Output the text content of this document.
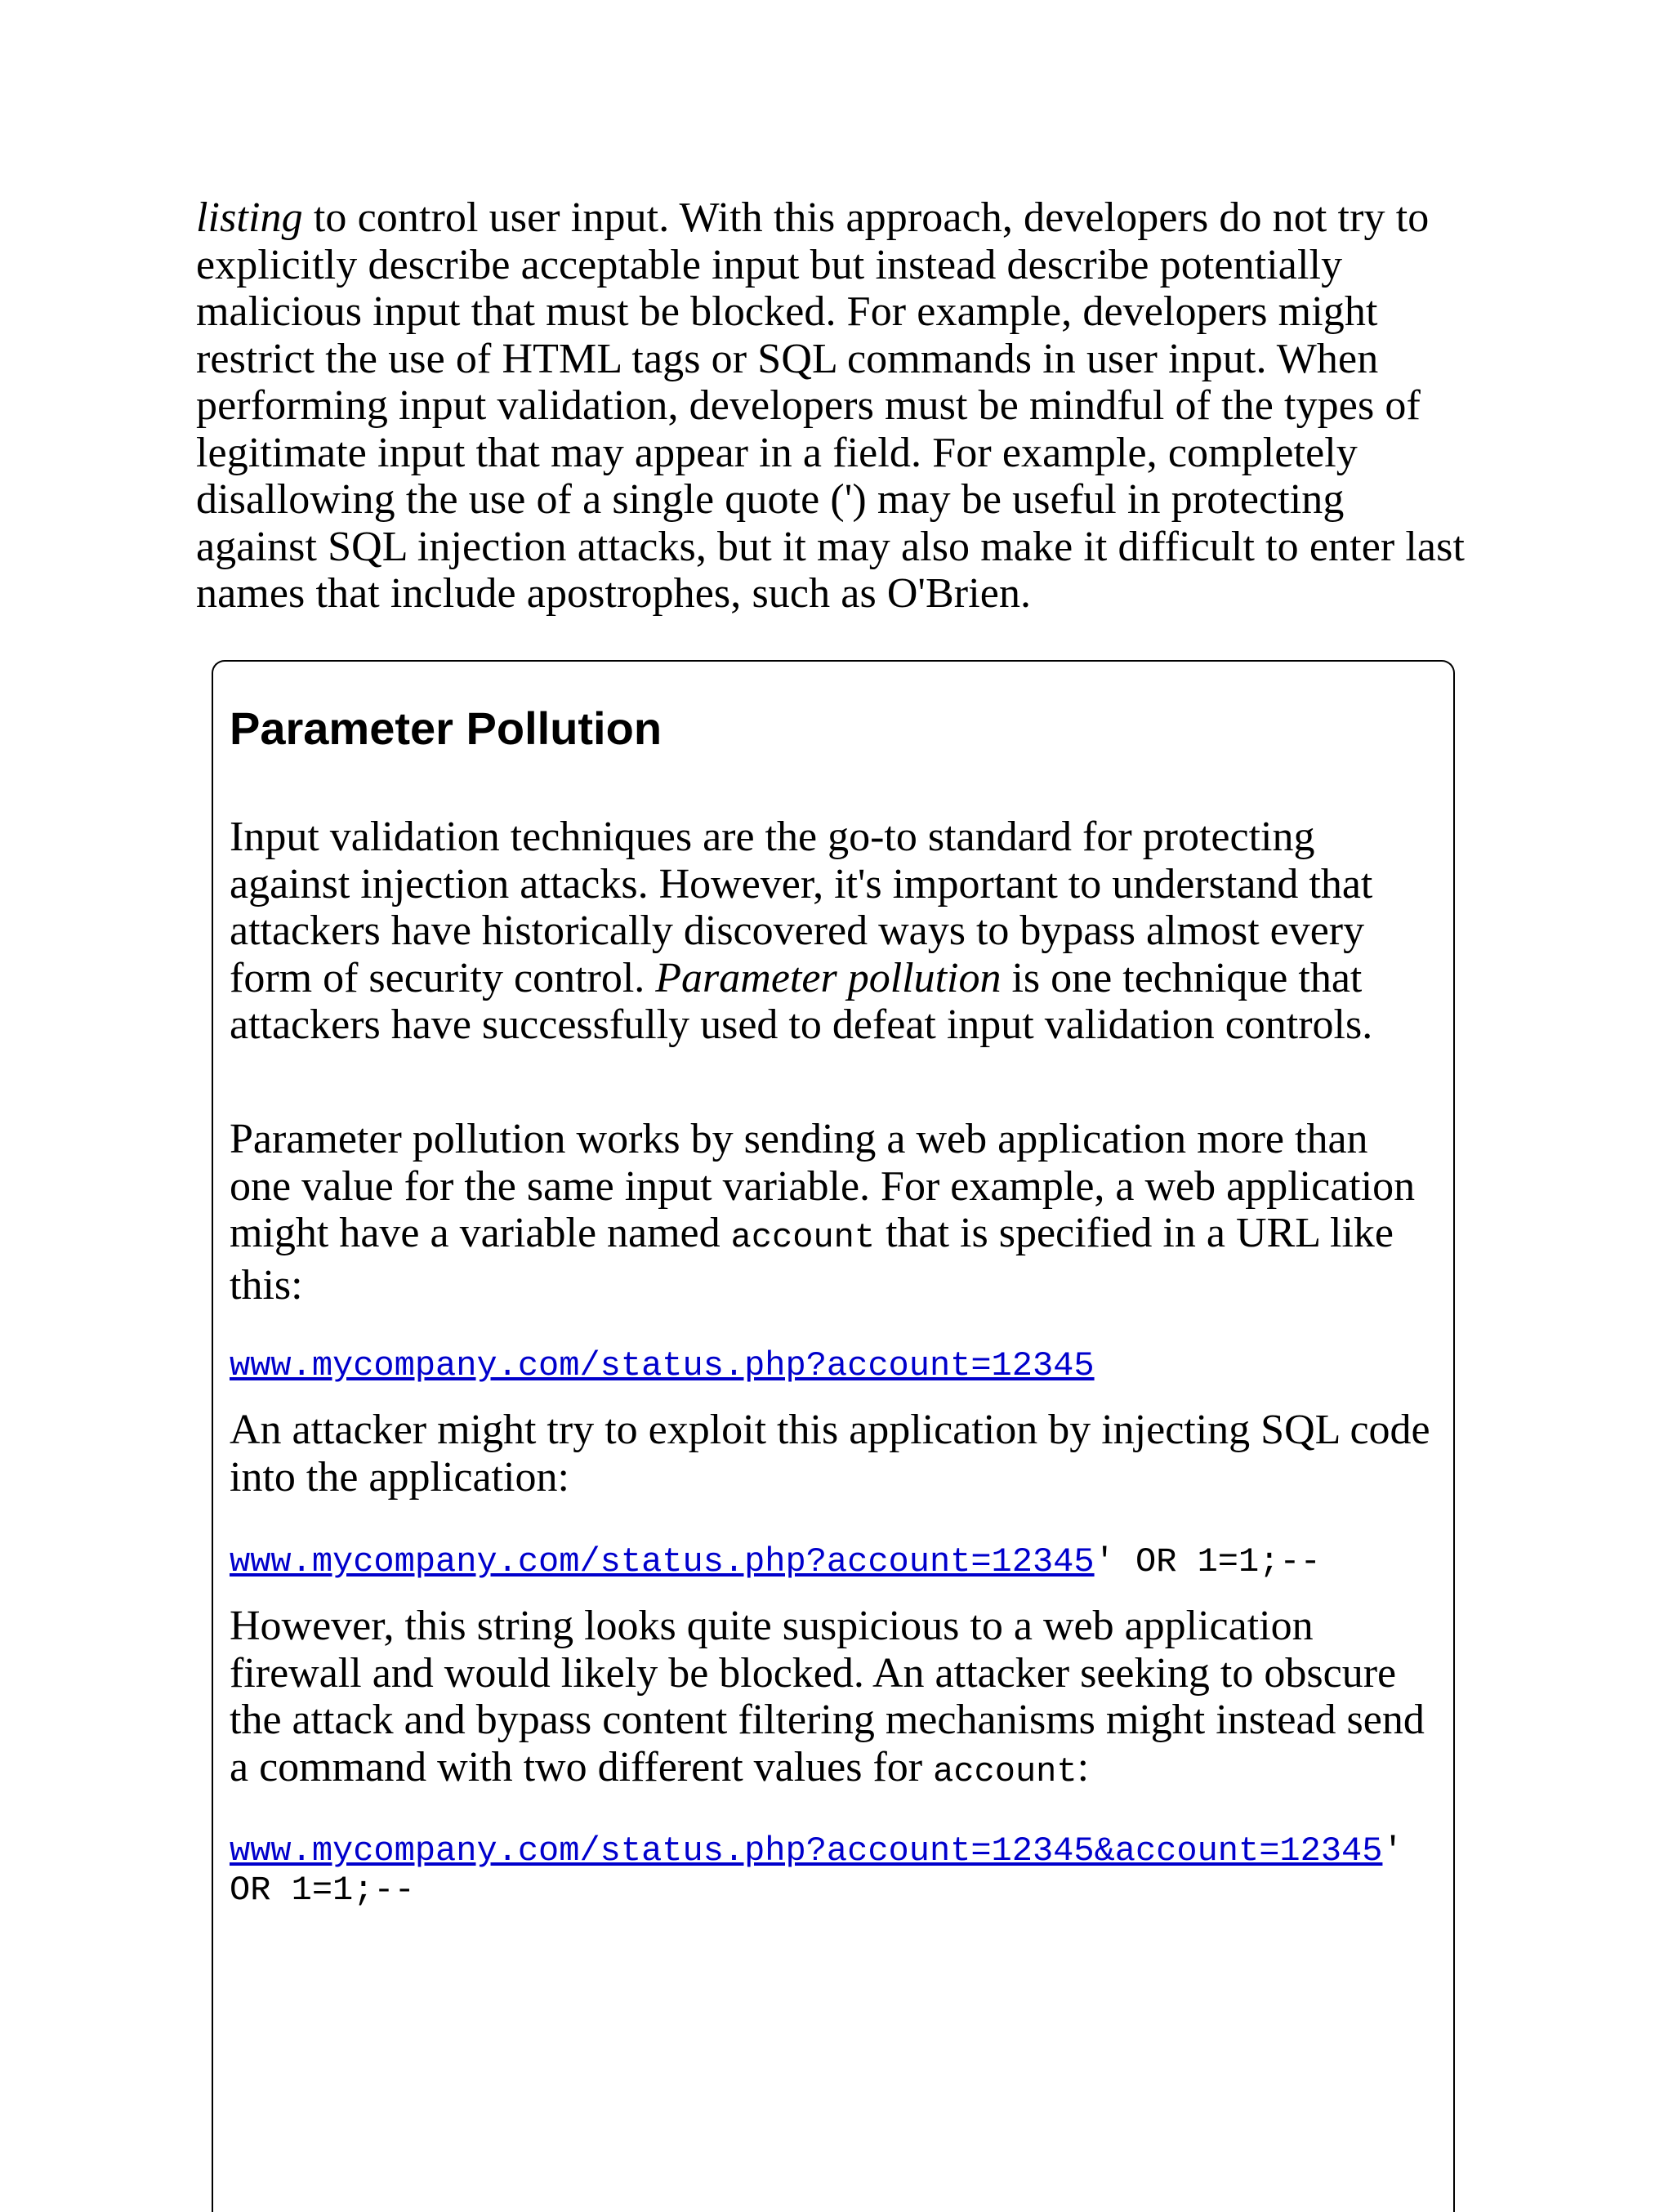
listing to control user input. With this approach, developers do not try to explicitly describe acceptable input but instead describe potentially malicious input that must be blocked. For example, developers might restrict the use of HTML tags or SQL commands in user input. When performing input validation, developers must be mindful of the types of legitimate input that may appear in a field. For example, completely disallowing the use of a single quote (') may be useful in protecting against SQL injection attacks, but it may also make it difficult to enter last names that include apostrophes, such as O'Brien.

Parameter Pollution

Input validation techniques are the go-to standard for protecting against injection attacks. However, it's important to understand that attackers have historically discovered ways to bypass almost every form of security control. Parameter pollution is one technique that attackers have successfully used to defeat input validation controls.

Parameter pollution works by sending a web application more than one value for the same input variable. For example, a web application might have a variable named account that is specified in a URL like this:

www.mycompany.com/status.php?account=12345

An attacker might try to exploit this application by injecting SQL code into the application:

www.mycompany.com/status.php?account=12345' OR 1=1;--

However, this string looks quite suspicious to a web application firewall and would likely be blocked. An attacker seeking to obscure the attack and bypass content filtering mechanisms might instead send a command with two different values for account:

www.mycompany.com/status.php?account=12345&account=12345' OR 1=1;--
